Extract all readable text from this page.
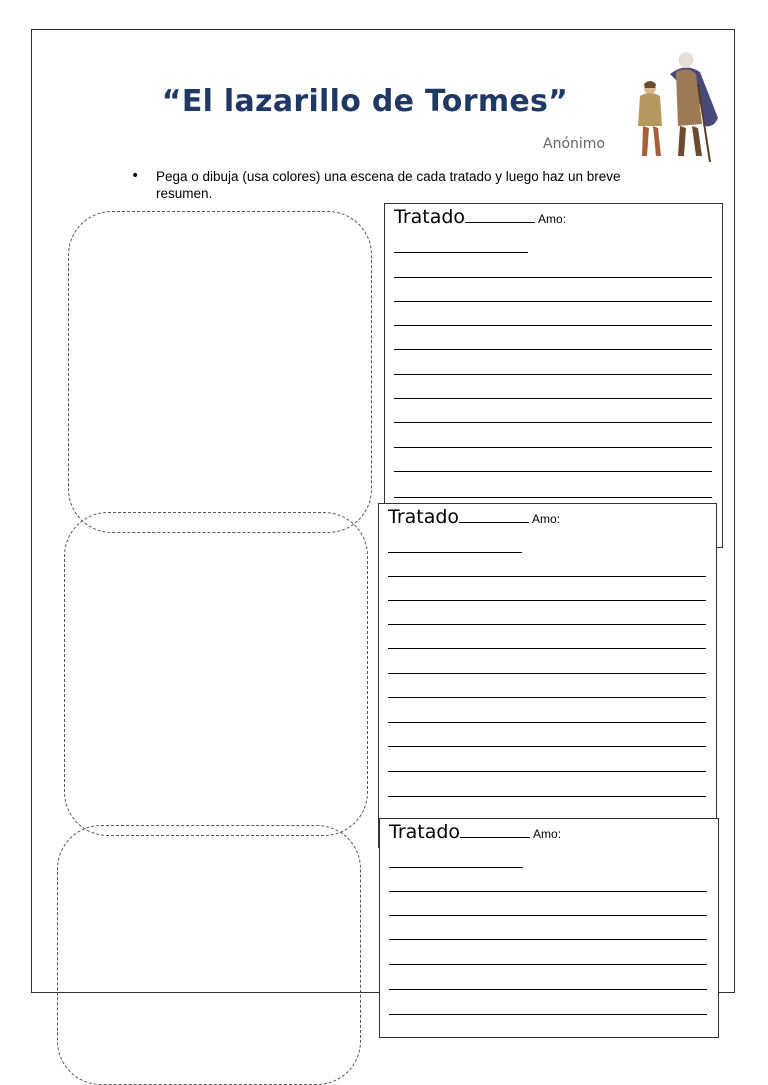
“El lazarillo de Tormes”
Anónimo
• Pega o dibuja (usa colores) una escena de cada tratado y luego haz un breve resumen.
Tratado	Amo:
Tratado	Amo:
Tratado	Amo:
